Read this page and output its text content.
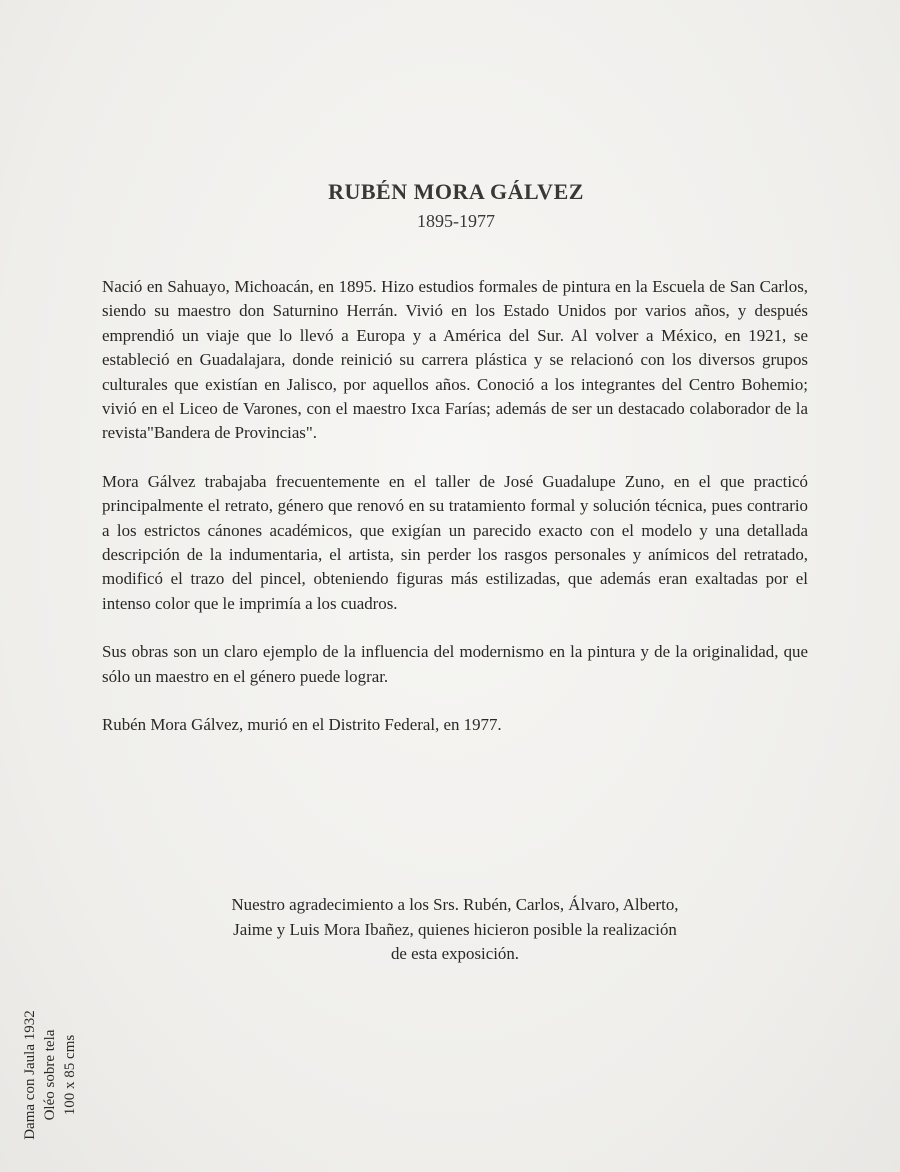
RUBÉN MORA GÁLVEZ
1895-1977

Nació en Sahuayo, Michoacán, en 1895. Hizo estudios formales de pintura en la Escuela de San Carlos, siendo su maestro don Saturnino Herrán. Vivió en los Estado Unidos por varios años, y después emprendió un viaje que lo llevó a Europa y a América del Sur. Al volver a México, en 1921, se estableció en Guadalajara, donde reinició su carrera plástica y se relacionó con los diversos grupos culturales que existían en Jalisco, por aquellos años. Conoció a los integrantes del Centro Bohemio; vivió en el Liceo de Varones, con el maestro Ixca Farías; además de ser un destacado colaborador de la revista"Bandera de Provincias".

Mora Gálvez trabajaba frecuentemente en el taller de José Guadalupe Zuno, en el que practicó principalmente el retrato, género que renovó en su tratamiento formal y solución técnica, pues contrario a los estrictos cánones académicos, que exigían un parecido exacto con el modelo y una detallada descripción de la indumentaria, el artista, sin perder los rasgos personales y anímicos del retratado, modificó el trazo del pincel, obteniendo figuras más estilizadas, que además eran exaltadas por el intenso color que le imprimía a los cuadros.

Sus obras son un claro ejemplo de la influencia del modernismo en la pintura y de la originalidad, que sólo un maestro en el género puede lograr.

Rubén Mora Gálvez, murió en el Distrito Federal, en 1977.

Nuestro agradecimiento a los Srs. Rubén, Carlos, Álvaro, Alberto,
Jaime y Luis Mora Ibañez, quienes hicieron posible la realización
de esta exposición.
Dama con Jaula 1932 Oléo sobre tela 100 x 85 cms
